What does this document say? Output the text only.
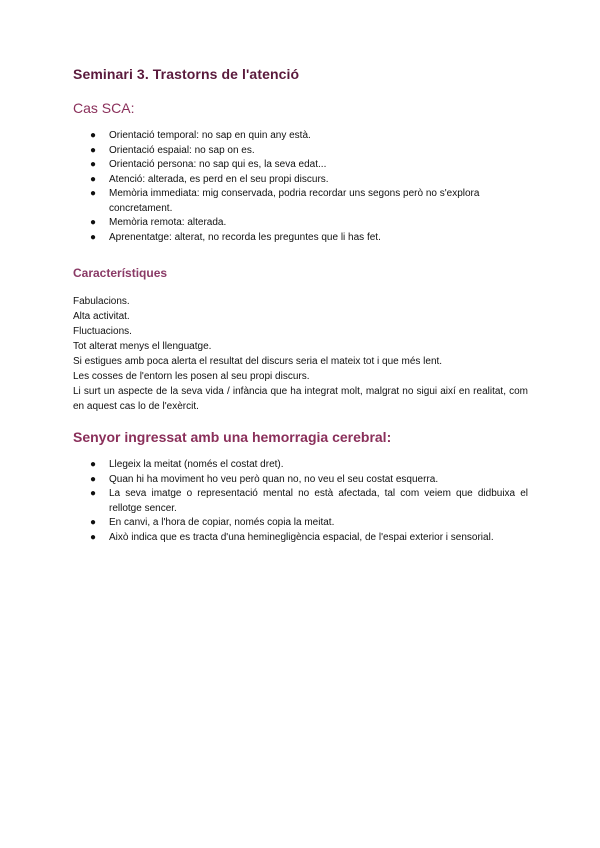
Seminari 3. Trastorns de l'atenció
Cas SCA:
● Orientació temporal: no sap en quin any està.
● Orientació espaial: no sap on es.
● Orientació persona: no sap qui es, la seva edat...
● Atenció: alterada, es perd en el seu propi discurs.
● Memòria immediata: mig conservada, podria recordar uns segons però no s'explora concretament.
● Memòria remota: alterada.
● Aprenentatge: alterat, no recorda les preguntes que li has fet.
Característiques

Fabulacions.

Alta activitat.

Fluctuacions.

Tot alterat menys el llenguatge.

Si estigues amb poca alerta el resultat del discurs seria el mateix tot i que més lent.

Les cosses de l'entorn les posen al seu propi discurs.

Li surt un aspecte de la seva vida / infància que ha integrat molt, malgrat no sigui així en realitat, com en aquest cas lo de l'exèrcit.

Senyor ingressat amb una hemorragia cerebral:
● Llegeix la meitat (només el costat dret).
● Quan hi ha moviment ho veu però quan no, no veu el seu costat esquerra.
● La seva imatge o representació mental no està afectada, tal com veiem que didbuixa el rellotge sencer.
● En canvi, a l'hora de copiar, només copia la meitat.
● Això indica que es tracta d'una heminegligència espacial, de l'espai exterior i sensorial.
